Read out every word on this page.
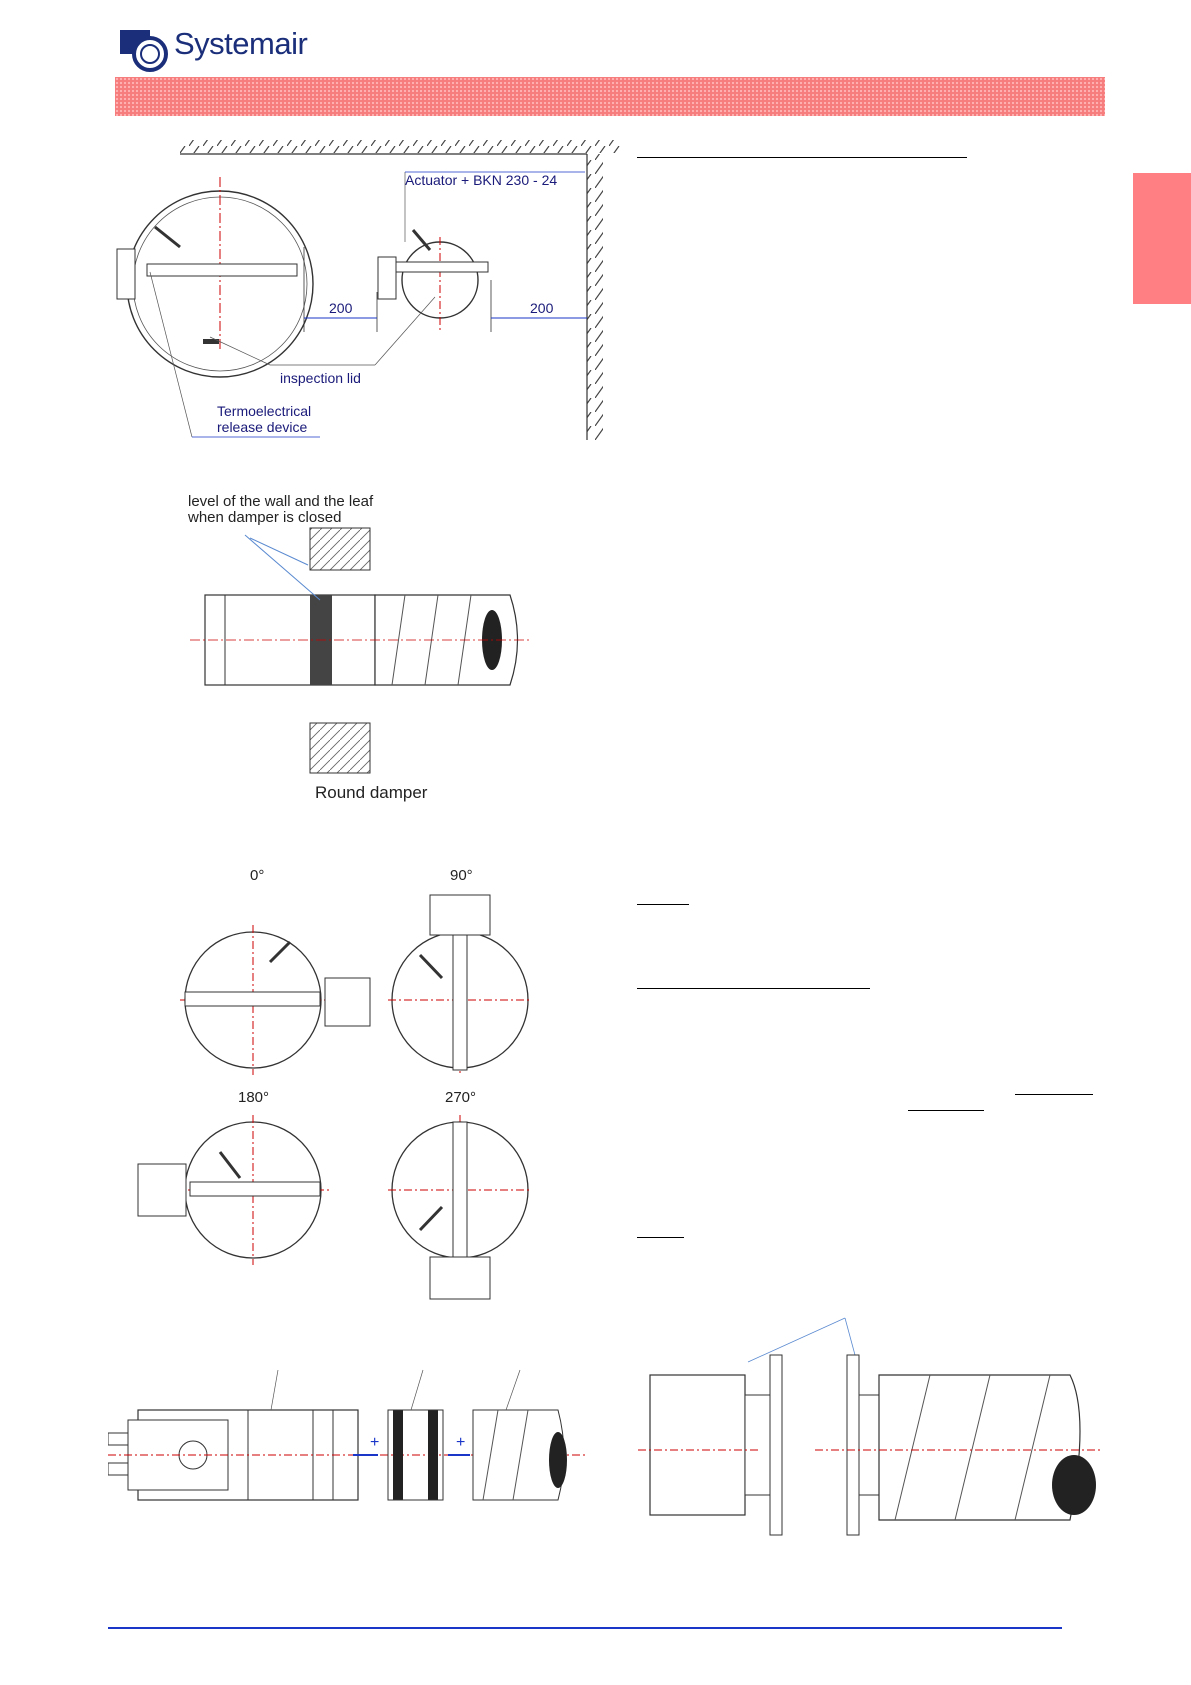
Systemair
200	200
Actuator + BKN 230 - 24
inspection lid
Termoelectrical
release device
level of the wall and the leaf
when damper is closed
Round damper
0°	90°
180°	270°
+	+
